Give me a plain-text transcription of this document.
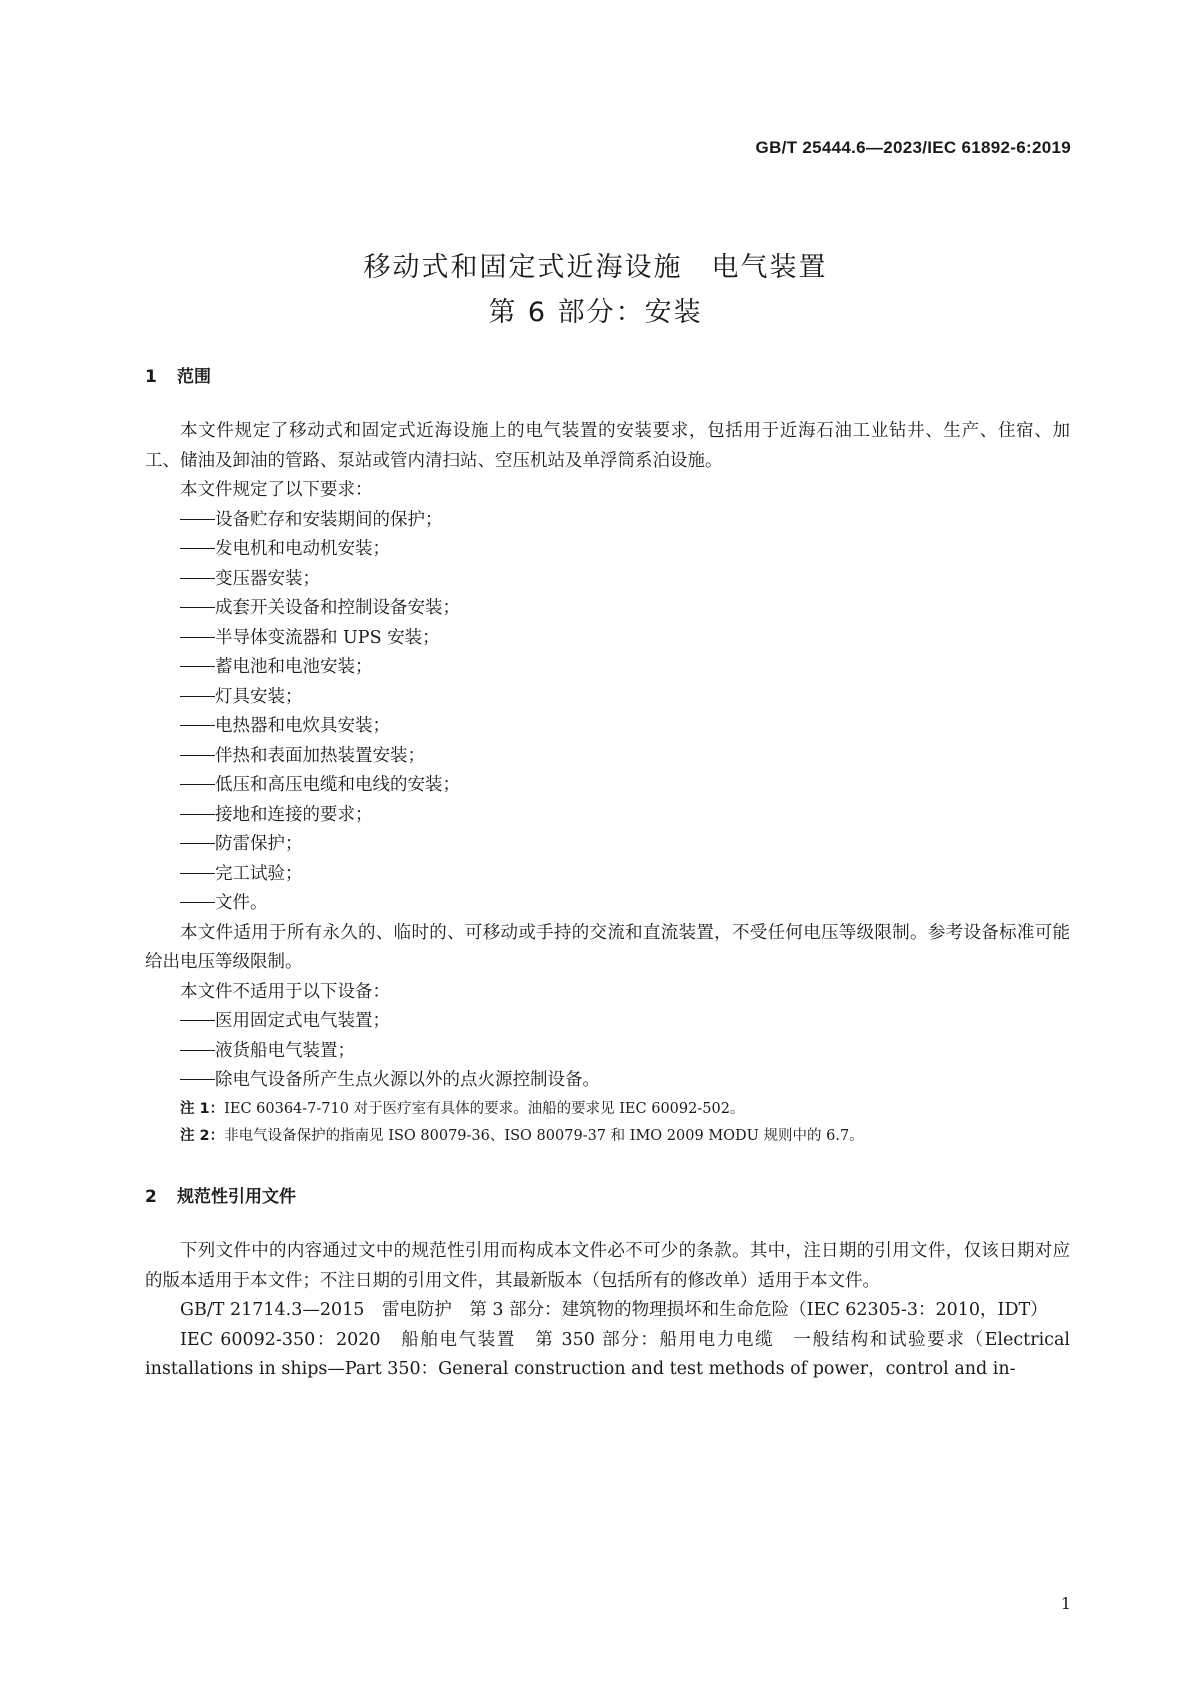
GB/T 25444.6—2023/IEC 61892-6:2019
移动式和固定式近海设施　电气装置
第 6 部分：安装
1 范围

本文件规定了移动式和固定式近海设施上的电气装置的安装要求，包括用于近海石油工业钻井、生产、住宿、加工、储油及卸油的管路、泵站或管内清扫站、空压机站及单浮筒系泊设施。

本文件规定了以下要求：

设备贮存和安装期间的保护；

发电机和电动机安装；

变压器安装；

成套开关设备和控制设备安装；

半导体变流器和 UPS 安装；

蓄电池和电池安装；

灯具安装；

电热器和电炊具安装；

伴热和表面加热装置安装；

低压和高压电缆和电线的安装；

接地和连接的要求；

防雷保护；

完工试验；

文件。

本文件适用于所有永久的、临时的、可移动或手持的交流和直流装置，不受任何电压等级限制。参考设备标准可能给出电压等级限制。

本文件不适用于以下设备：

医用固定式电气装置；

液货船电气装置；

除电气设备所产生点火源以外的点火源控制设备。

注 1：IEC 60364-7-710 对于医疗室有具体的要求。油船的要求见 IEC 60092-502。

注 2：非电气设备保护的指南见 ISO 80079-36、ISO 80079-37 和 IMO 2009 MODU 规则中的 6.7。

2 规范性引用文件

下列文件中的内容通过文中的规范性引用而构成本文件必不可少的条款。其中，注日期的引用文件，仅该日期对应的版本适用于本文件；不注日期的引用文件，其最新版本（包括所有的修改单）适用于本文件。

GB/T 21714.3—2015　雷电防护　第 3 部分：建筑物的物理损坏和生命危险（IEC 62305-3：2010，IDT）

IEC 60092-350：2020　船舶电气装置　第 350 部分：船用电力电缆　一般结构和试验要求（Electrical installations in ships—Part 350：General construction and test methods of power，control and in-

1
